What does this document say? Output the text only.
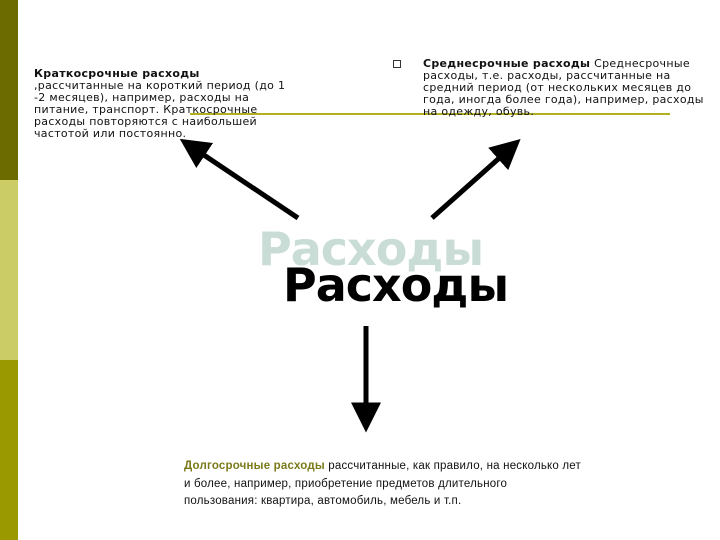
Краткосрочные расходы
,рассчитанные на короткий период (до 1 -2 месяцев), например, расходы на питание, транспорт. Краткосрочные расходы повторяются с наибольшей частотой или постоянно.
Среднесрочные расходы Среднесрочные расходы, т.е. расходы, рассчитанные на средний период (от нескольких месяцев до года, иногда более года), например, расходы на одежду, обувь.
Расходы
Расходы
Долгосрочные расходы рассчитанные, как правило, на несколько лет и более, например, приобретение предметов длительного пользования: квартира, автомобиль, мебель и т.п.
